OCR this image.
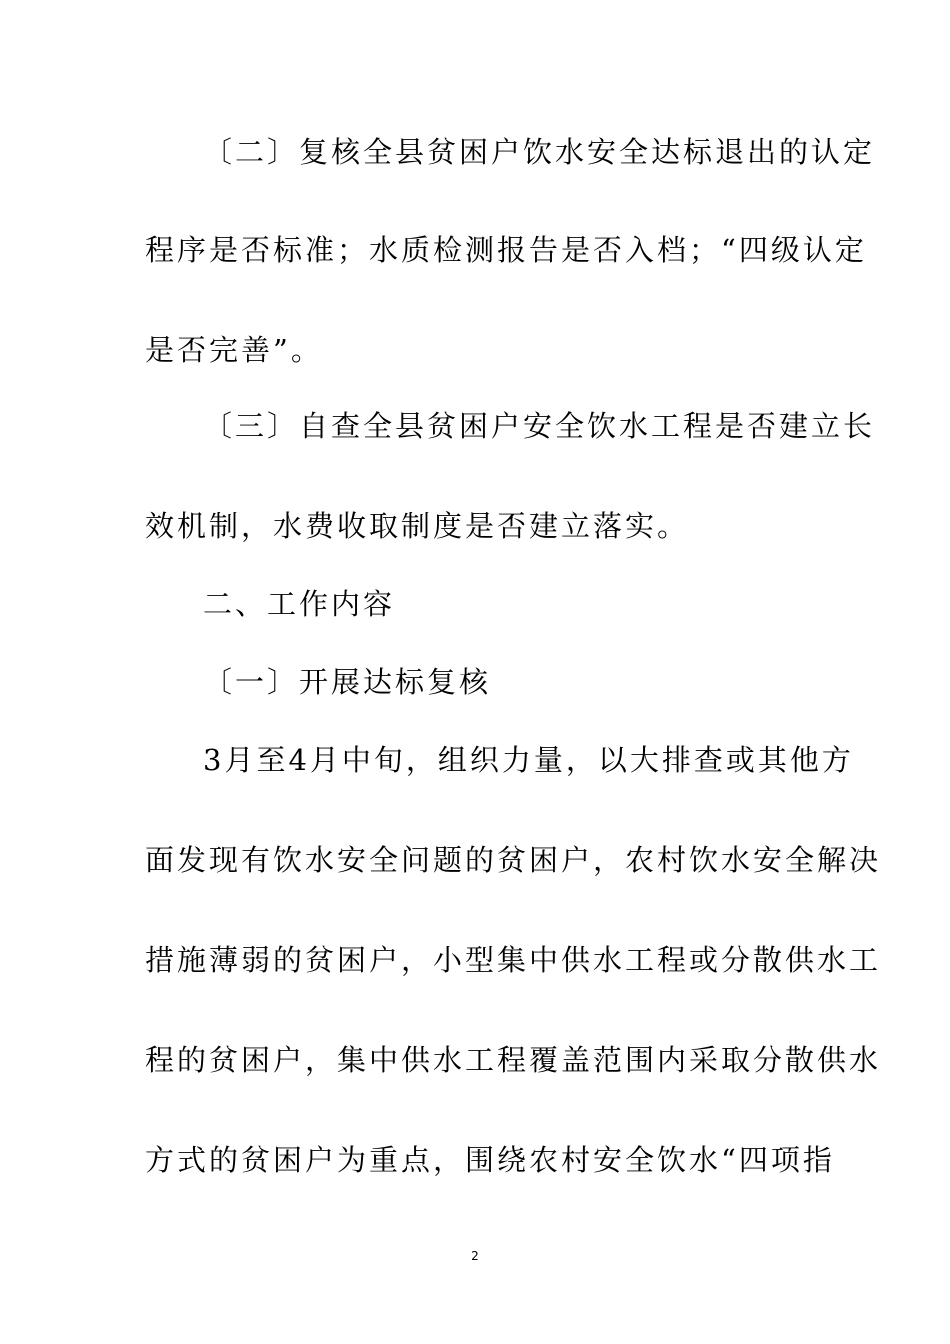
〔二〕复核全县贫困户饮水安全达标退出的认定
程序是否标准；水质检测报告是否入档；“四级认定
是否完善”。
〔三〕自查全县贫困户安全饮水工程是否建立长
效机制，水费收取制度是否建立落实。
二、工作内容
〔一〕开展达标复核
3月至4月中旬，组织力量，以大排查或其他方
面发现有饮水安全问题的贫困户，农村饮水安全解决
措施薄弱的贫困户，小型集中供水工程或分散供水工
程的贫困户，集中供水工程覆盖范围内采取分散供水
方式的贫困户为重点，围绕农村安全饮水“四项指
2
